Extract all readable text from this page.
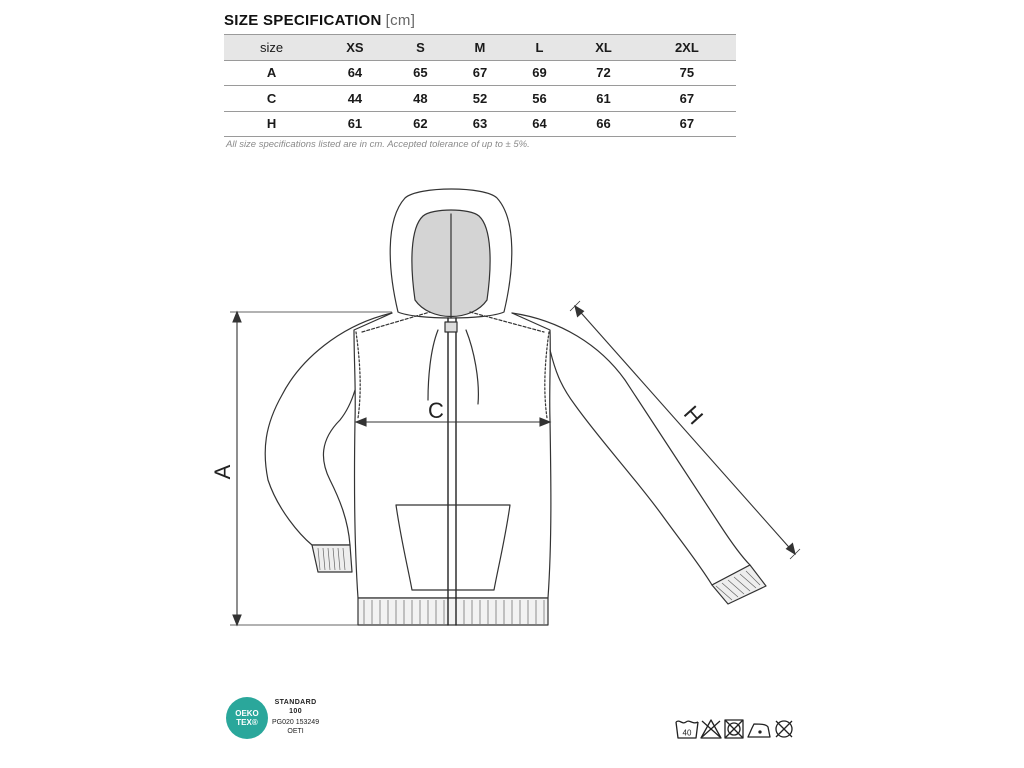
SIZE SPECIFICATION [cm]
size	XS	S	M	L	XL	2XL
A	64	65	67	69	72	75
C	44	48	52	56	61	67
H	61	62	63	64	66	67
All size specifications listed are in cm. Accepted tolerance of up to ± 5%.
A
C	H
OEKO
TEX®
STANDARD
100
PG020 153249
OETI	40
